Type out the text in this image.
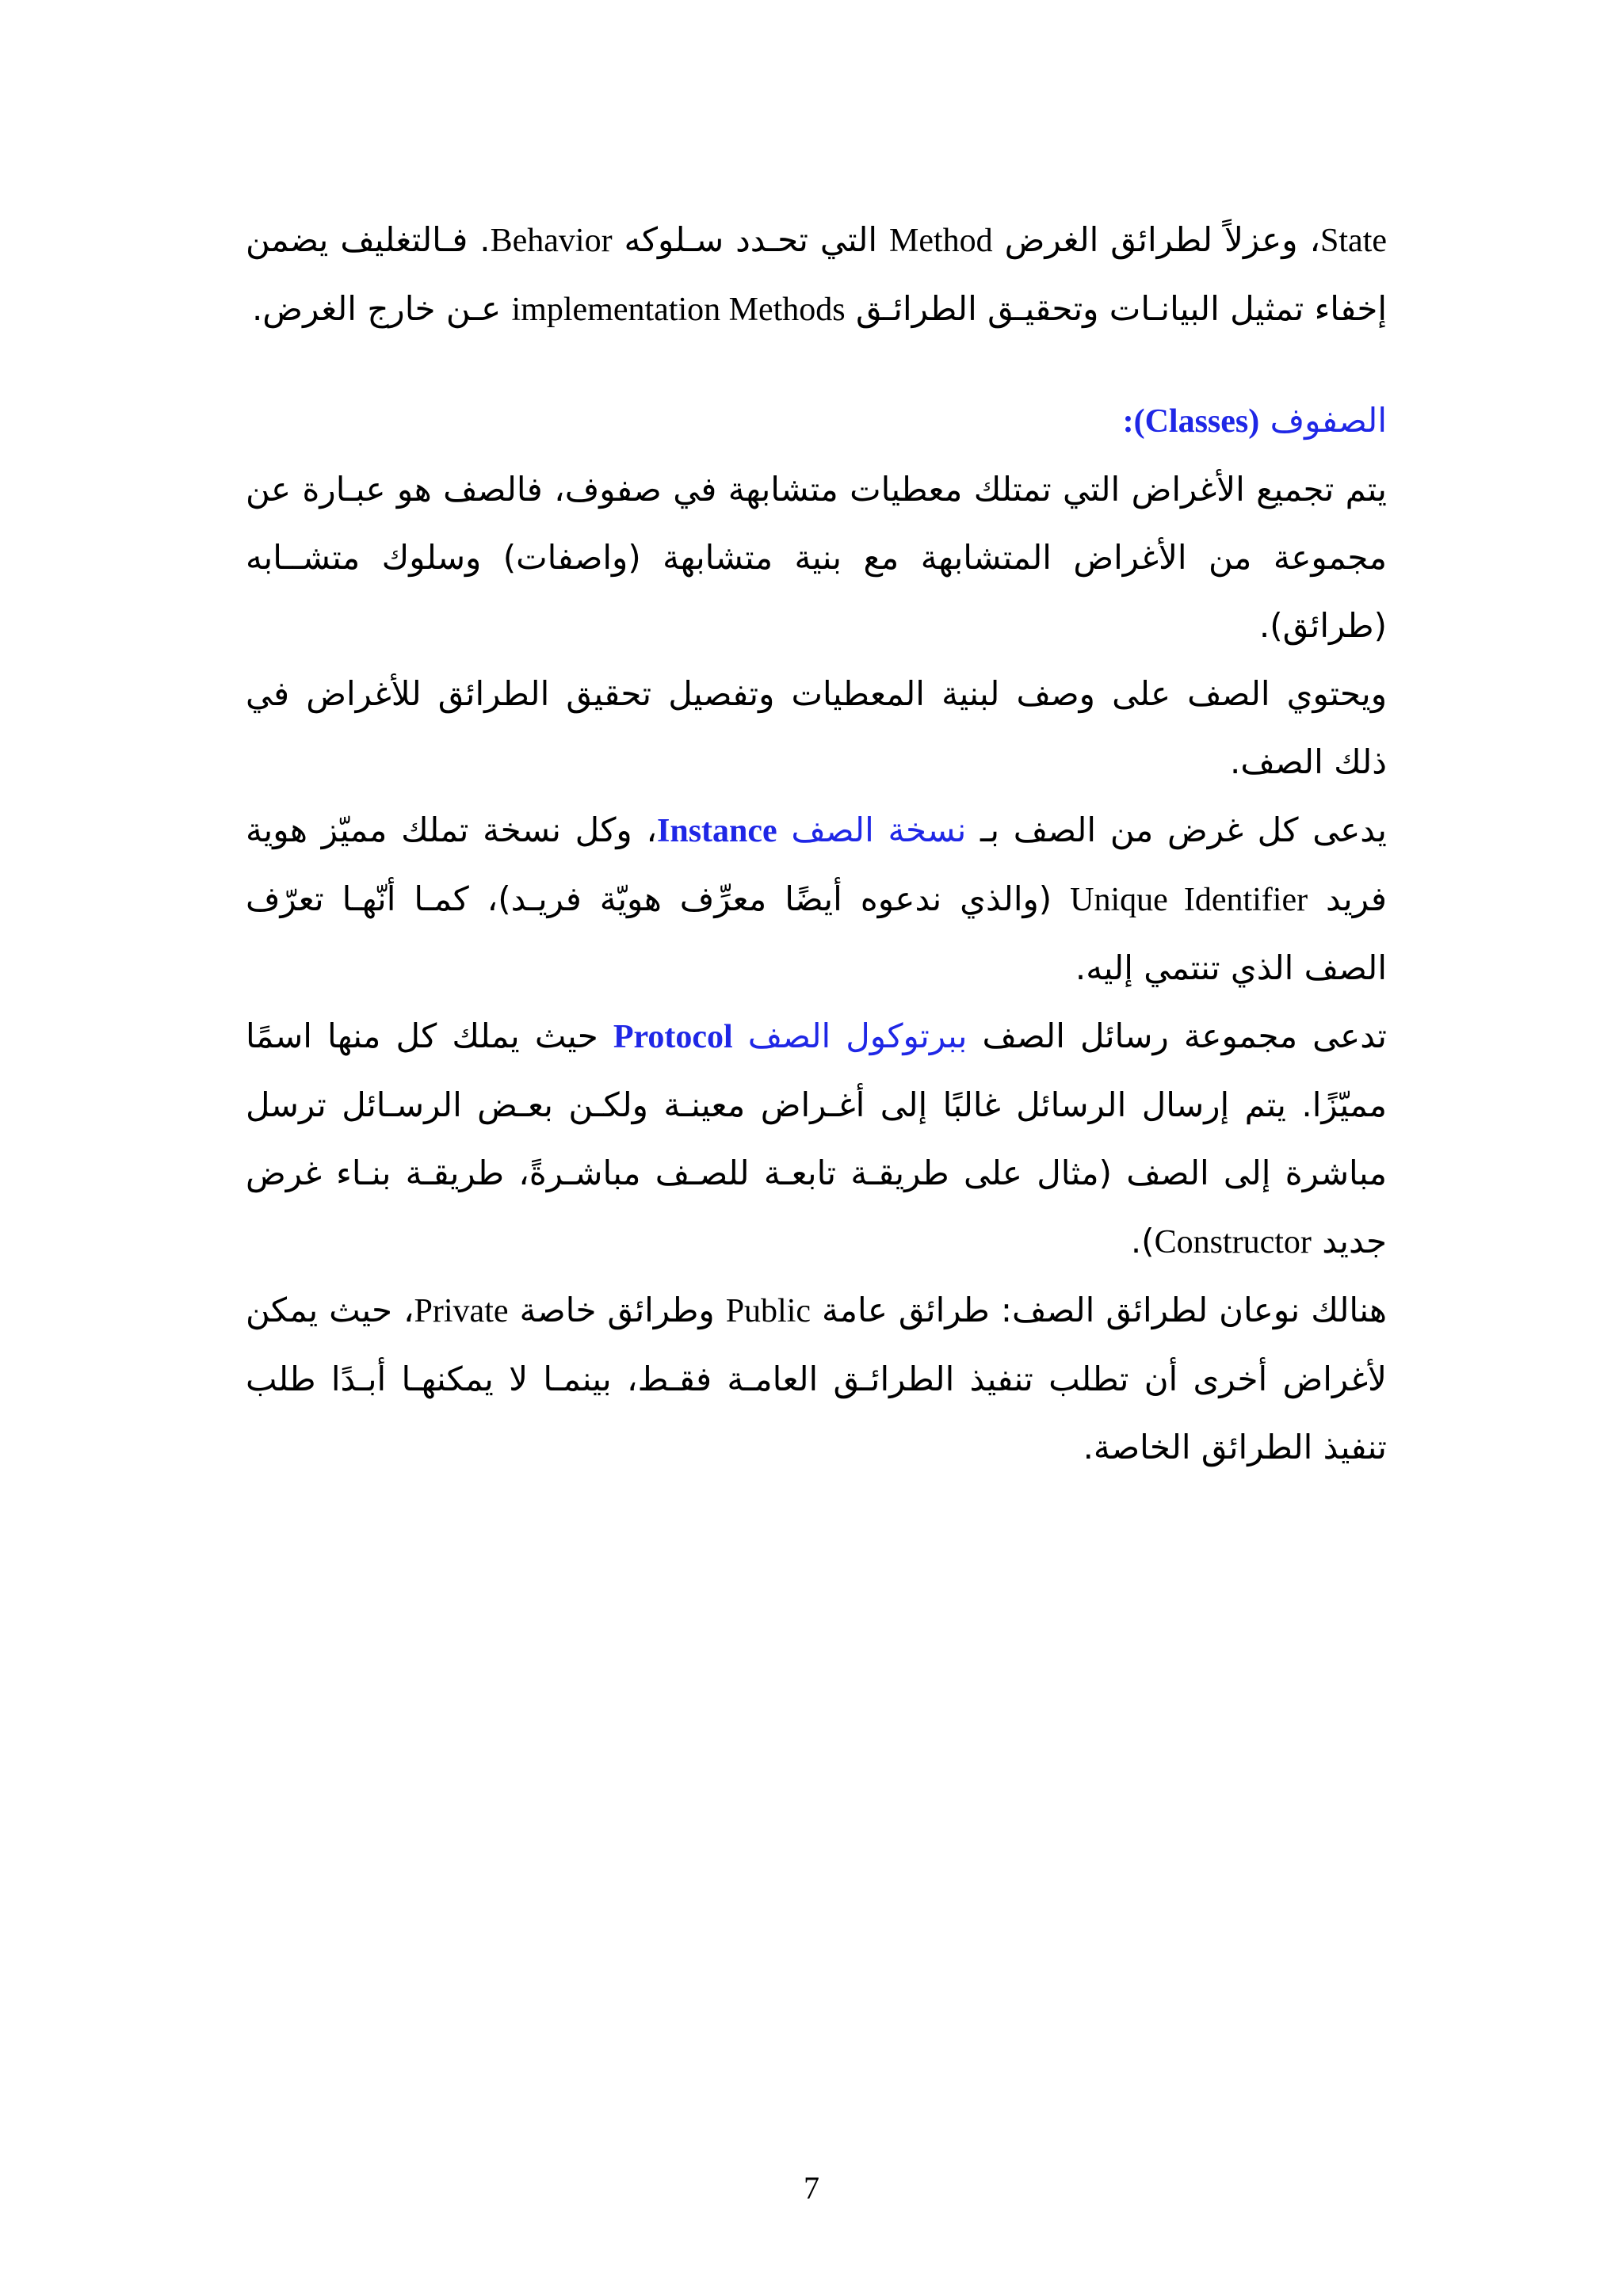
State، وعزلاً لطرائق الغرض Method التي تحـدد سـلوكه Behavior. فـالتغليف يضمن إخفاء تمثيل البيانـات وتحقيـق الطرائـق implementation Methods عـن خارج الغرض.

الصفوف (Classes):

يتم تجميع الأغراض التي تمتلك معطيات متشابهة في صفوف، فالصف هو عبـارة عن مجموعة من الأغراض المتشابهة مع بنية متشابهة (واصفات) وسلوك متشــابه (طرائق).

ويحتوي الصف على وصف لبنية المعطيات وتفصيل تحقيق الطرائق للأغراض في ذلك الصف.

يدعى كل غرض من الصف بـ نسخة الصف Instance، وكل نسخة تملك مميّز هوية فريد Unique Identifier (والذي ندعوه أيضًا معرِّف هويّة فريـد)، كمـا أنّهـا تعرّف الصف الذي تنتمي إليه.

تدعى مجموعة رسائل الصف ببرتوكول الصف Protocol حيث يملك كل منها اسمًا مميّزًا. يتم إرسال الرسائل غالبًا إلى أغـراض معينـة ولكـن بعـض الرسـائل ترسل مباشرة إلى الصف (مثال على طريقـة تابعـة للصـف مباشـرةً، طريقـة بنـاء غرض جديد Constructor).

هنالك نوعان لطرائق الصف: طرائق عامة Public وطرائق خاصة Private، حيث يمكن لأغراض أخرى أن تطلب تنفيذ الطرائـق العامـة فقـط، بينمـا لا يمكنهـا أبـدًا طلب تنفيذ الطرائق الخاصة.

7
